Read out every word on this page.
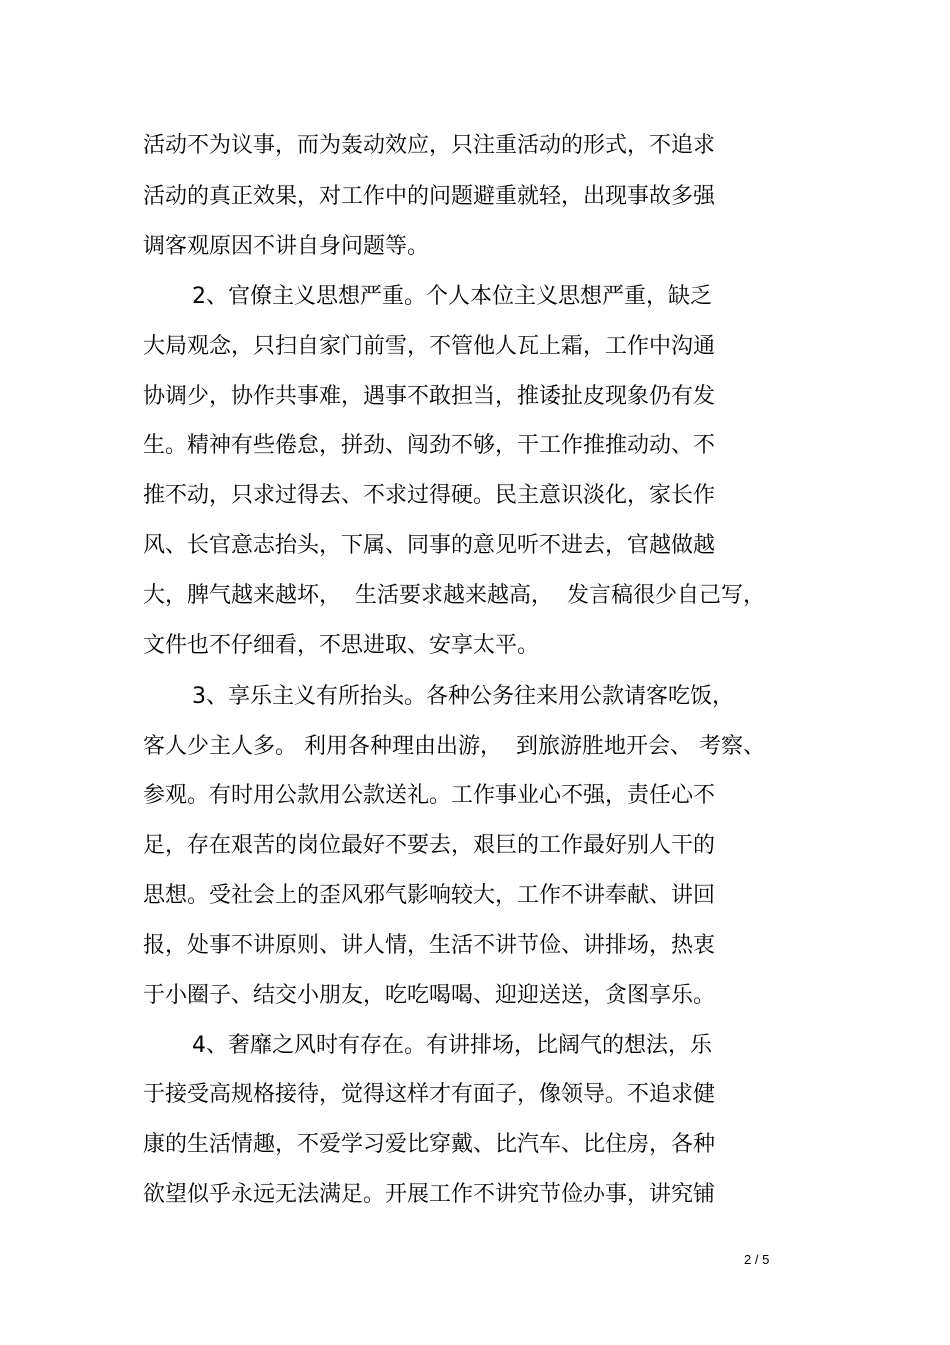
活动不为议事，而为轰动效应，只注重活动的形式，不追求

活动的真正效果，对工作中的问题避重就轻，出现事故多强

调客观原因不讲自身问题等。

2、官僚主义思想严重。个人本位主义思想严重，缺乏

大局观念，只扫自家门前雪，不管他人瓦上霜，工作中沟通

协调少，协作共事难，遇事不敢担当，推诿扯皮现象仍有发

生。精神有些倦怠，拼劲、闯劲不够，干工作推推动动、不

推不动，只求过得去、不求过得硬。民主意识淡化，家长作

风、长官意志抬头，下属、同事的意见听不进去，官越做越

大，脾气越来越坏，  生活要求越来越高，  发言稿很少自己写，

文件也不仔细看，不思进取、安享太平。

3、享乐主义有所抬头。各种公务往来用公款请客吃饭，

客人少主人多。 利用各种理由出游，  到旅游胜地开会、 考察、

参观。有时用公款用公款送礼。工作事业心不强，责任心不

足，存在艰苦的岗位最好不要去，艰巨的工作最好别人干的

思想。受社会上的歪风邪气影响较大，工作不讲奉献、讲回

报，处事不讲原则、讲人情，生活不讲节俭、讲排场，热衷

于小圈子、结交小朋友，吃吃喝喝、迎迎送送，贪图享乐。

4、奢靡之风时有存在。有讲排场，比阔气的想法，乐

于接受高规格接待，觉得这样才有面子，像领导。不追求健

康的生活情趣，不爱学习爱比穿戴、比汽车、比住房，各种

欲望似乎永远无法满足。开展工作不讲究节俭办事，讲究铺

2 / 5
